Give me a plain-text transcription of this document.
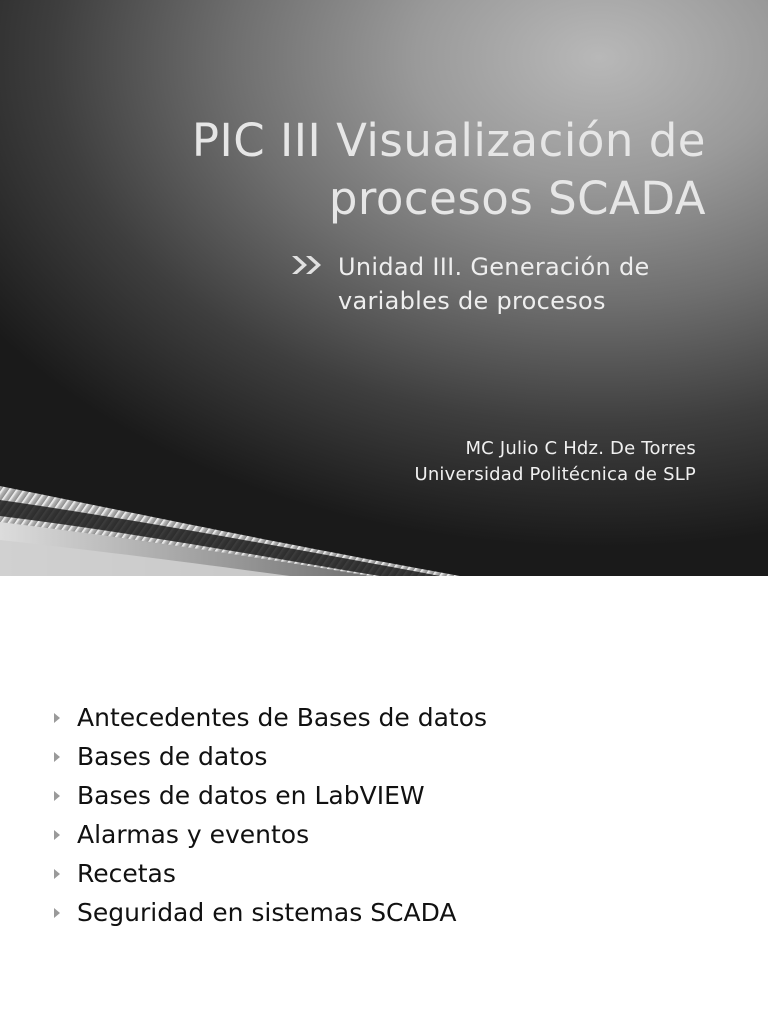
PIC III Visualización de
procesos SCADA
Unidad III. Generación de
variables de procesos
MC Julio C Hdz. De Torres
Universidad Politécnica de SLP
Antecedentes de Bases de datos
Bases de datos
Bases de datos en LabVIEW
Alarmas y eventos
Recetas
Seguridad en sistemas SCADA
